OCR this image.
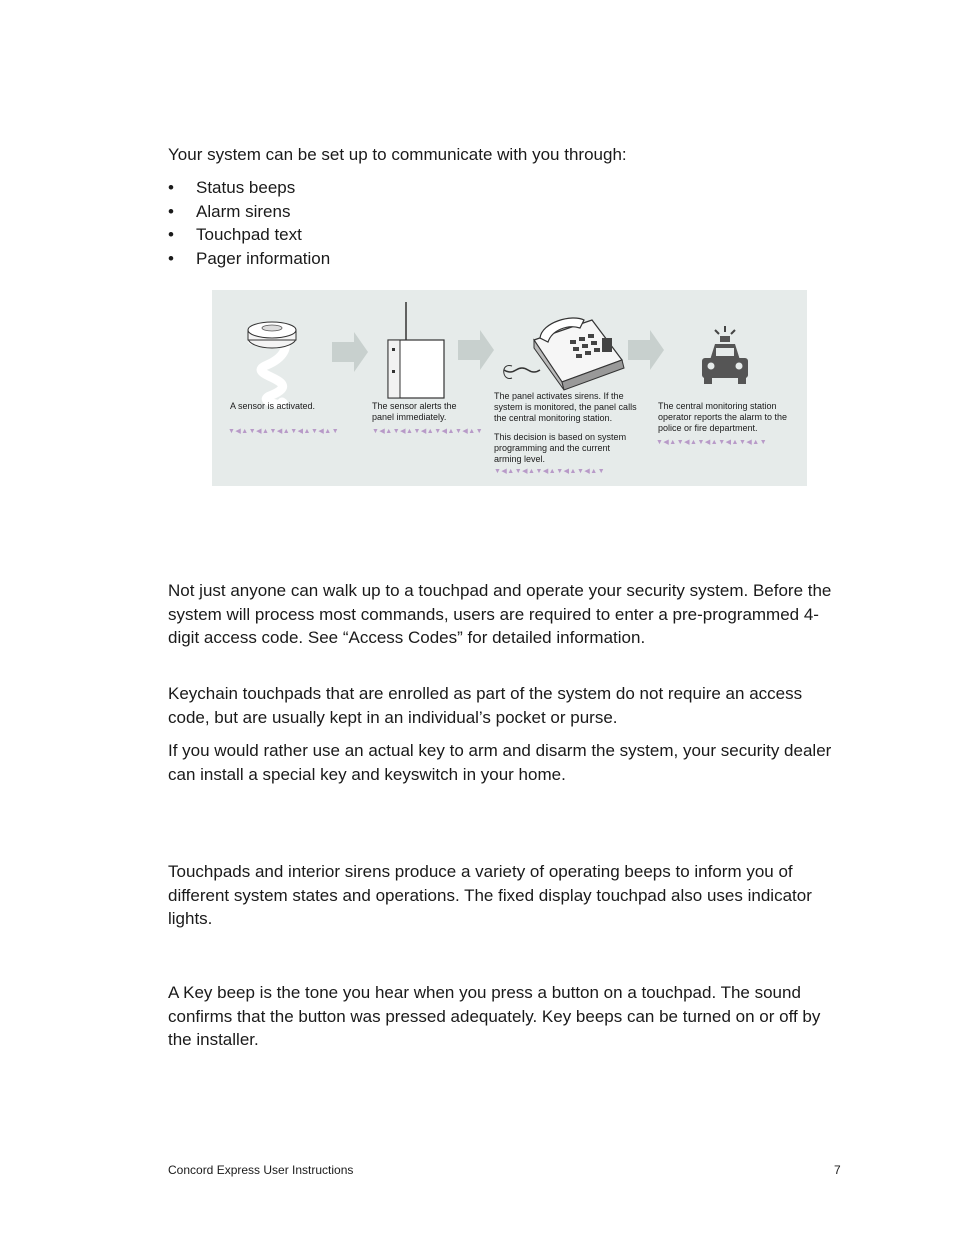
Your system can be set up to communicate with you through:

• Status beeps
• Alarm sirens
• Touchpad text
• Pager information

A sensor is activated.

▼◀▲▼◀▲▼◀▲▼◀▲▼◀▲▼

The sensor alerts the panel immediately.

▼◀▲▼◀▲▼◀▲▼◀▲▼◀▲▼

The panel activates sirens. If the system is monitored, the panel calls the central monitoring station.

This decision is based on system programming and the current arming level.

▼◀▲▼◀▲▼◀▲▼◀▲▼◀▲▼

The central monitoring station operator reports the alarm to the police or fire department.

▼◀▲▼◀▲▼◀▲▼◀▲▼◀▲▼

Not just anyone can walk up to a touchpad and operate your security system. Before the system will process most commands, users are required to enter a pre-programmed 4-digit access code. See “Access Codes” for detailed information.

Keychain touchpads that are enrolled as part of the system do not require an access code, but are usually kept in an individual’s pocket or purse.

If you would rather use an actual key to arm and disarm the system, your security dealer can install a special key and keyswitch in your home.

Touchpads and interior sirens produce a variety of operating beeps to inform you of different system states and operations. The fixed display touchpad also uses indicator lights.

A Key beep is the tone you hear when you press a button on a touchpad. The sound confirms that the button was pressed adequately. Key beeps can be turned on or off by the installer.

Concord Express User Instructions	7
